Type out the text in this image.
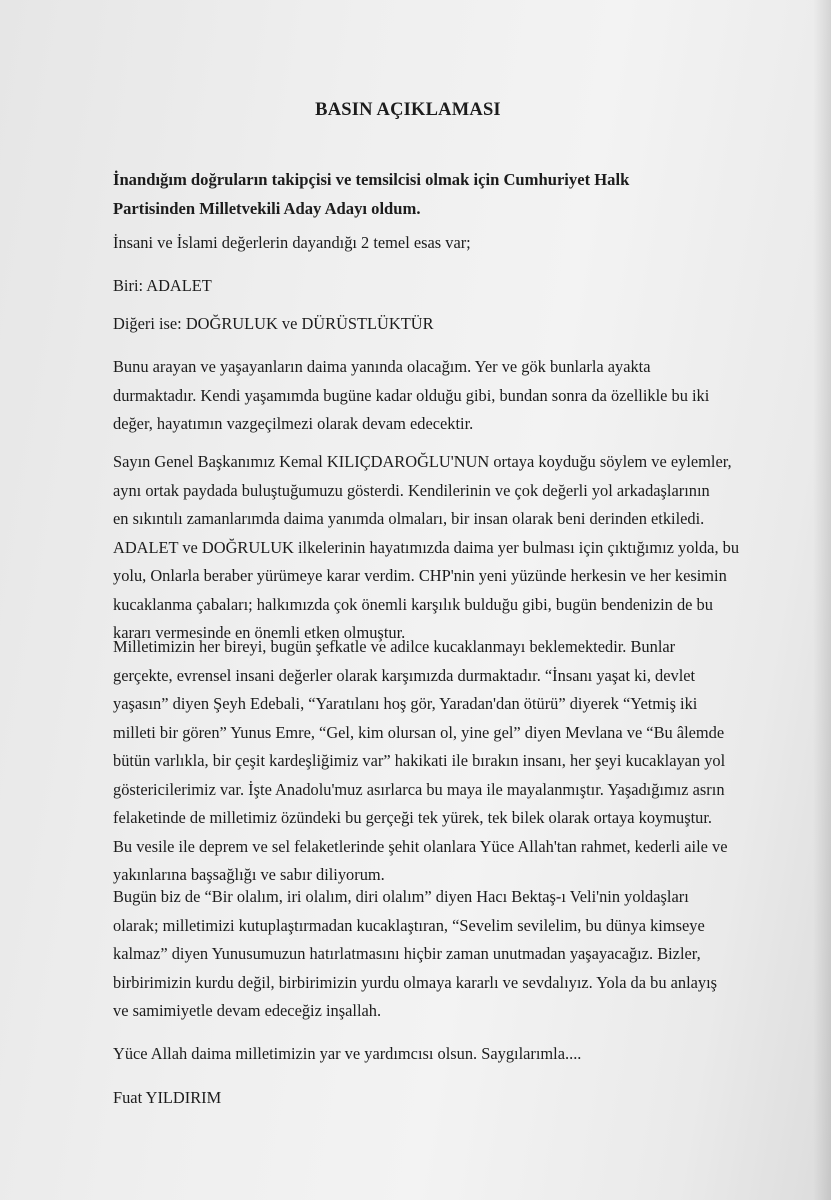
BASIN AÇIKLAMASI

İnandığım doğruların takipçisi ve temsilcisi olmak için Cumhuriyet Halk
Partisinden Milletvekili Aday Adayı oldum.

İnsani ve İslami değerlerin dayandığı 2 temel esas var;

Biri: ADALET

Diğeri ise: DOĞRULUK ve DÜRÜSTLÜKTÜR

Bunu arayan ve yaşayanların daima yanında olacağım. Yer ve gök bunlarla ayakta
durmaktadır. Kendi yaşamımda bugüne kadar olduğu gibi, bundan sonra da özellikle bu iki
değer, hayatımın vazgeçilmezi olarak devam edecektir.

Sayın Genel Başkanımız Kemal KILIÇDAROĞLU'NUN ortaya koyduğu söylem ve eylemler,
aynı ortak paydada buluştuğumuzu gösterdi. Kendilerinin ve çok değerli yol arkadaşlarının
en sıkıntılı zamanlarımda daima yanımda olmaları, bir insan olarak beni derinden etkiledi.
ADALET ve DOĞRULUK ilkelerinin hayatımızda daima yer bulması için çıktığımız yolda, bu
yolu, Onlarla beraber yürümeye karar verdim. CHP'nin yeni yüzünde herkesin ve her kesimin
kucaklanma çabaları; halkımızda çok önemli karşılık bulduğu gibi, bugün bendenizin de bu
kararı vermesinde en önemli etken olmuştur.

Milletimizin her bireyi, bugün şefkatle ve adilce kucaklanmayı beklemektedir. Bunlar
gerçekte, evrensel insani değerler olarak karşımızda durmaktadır. “İnsanı yaşat ki, devlet
yaşasın” diyen Şeyh Edebali, “Yaratılanı hoş gör, Yaradan'dan ötürü” diyerek “Yetmiş iki
milleti bir gören” Yunus Emre, “Gel, kim olursan ol, yine gel” diyen Mevlana ve “Bu âlemde
bütün varlıkla, bir çeşit kardeşliğimiz var” hakikati ile bırakın insanı, her şeyi kucaklayan yol
göstericilerimiz var. İşte Anadolu'muz asırlarca bu maya ile mayalanmıştır. Yaşadığımız asrın
felaketinde de milletimiz özündeki bu gerçeği tek yürek, tek bilek olarak ortaya koymuştur.
Bu vesile ile deprem ve sel felaketlerinde şehit olanlara Yüce Allah'tan rahmet, kederli aile ve
yakınlarına başsağlığı ve sabır diliyorum.

Bugün biz de “Bir olalım, iri olalım, diri olalım” diyen Hacı Bektaş-ı Veli'nin yoldaşları
olarak; milletimizi kutuplaştırmadan kucaklaştıran, “Sevelim sevilelim, bu dünya kimseye
kalmaz” diyen Yunusumuzun hatırlatmasını hiçbir zaman unutmadan yaşayacağız. Bizler,
birbirimizin kurdu değil, birbirimizin yurdu olmaya kararlı ve sevdalıyız. Yola da bu anlayış
ve samimiyetle devam edeceğiz inşallah.

Yüce Allah daima milletimizin yar ve yardımcısı olsun. Saygılarımla....

Fuat YILDIRIM
